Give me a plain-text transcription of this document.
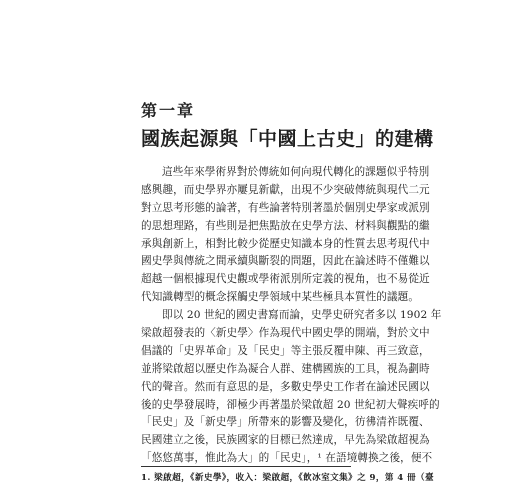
第一章
國族起源與「中國上古史」的建構
這些年來學術界對於傳統如何向現代轉化的課題似乎特別
感興趣，而史學界亦屢見新獻，出現不少突破傳統與現代二元
對立思考形態的論著，有些論著特別著墨於個別史學家或派別
的思想理路，有些則是把焦點放在史學方法、材料與觀點的繼
承與創新上，相對比較少從歷史知識本身的性質去思考現代中
國史學與傳統之間承續與斷裂的問題，因此在論述時不僅難以
超越一個根據現代史觀或學術派別所定義的視角，也不易從近
代知識轉型的概念探觸史學領域中某些極具本質性的議題。
即以 20 世紀的國史書寫而論，史學史研究者多以 1902 年
梁啟超發表的〈新史學〉作為現代中國史學的開端，對於文中
倡議的「史界革命」及「民史」等主張反覆申陳、再三致意，
並將梁啟超以歷史作為凝合人群、建構國族的工具，視為劃時
代的聲音。然而有意思的是，多數史學史工作者在論述民國以
後的史學發展時，卻極少再著墨於梁啟超 20 世紀初大聲疾呼的
「民史」及「新史學」所帶來的影響及變化，彷彿清祚既覆、
民國建立之後，民族國家的目標已然達成，早先為梁啟超視為
「悠悠萬事，惟此為大」的「民史」，¹ 在語境轉換之後，便不
1. 梁啟超，《新史學》，收入：梁啟超，《飲冰室文集》之 9，第 4 冊（臺
